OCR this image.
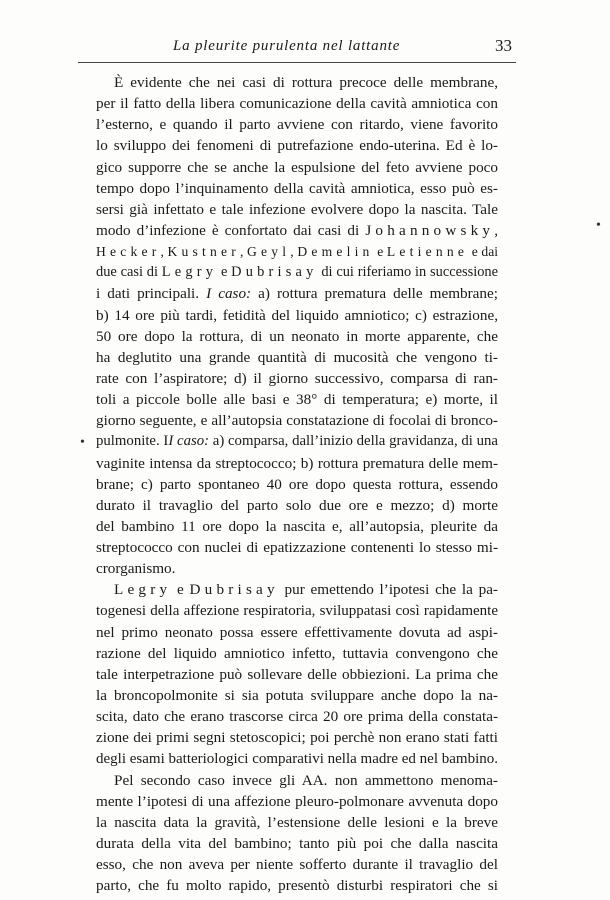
La pleurite purulenta nel lattante	33
•
•
È evidente che nei casi di rottura precoce delle membrane,
per il fatto della libera comunicazione della cavità amniotica con
l’esterno, e quando il parto avviene con ritardo, viene favorito
lo sviluppo dei fenomeni di putrefazione endo-uterina. Ed è lo-
gico supporre che se anche la espulsione del feto avviene poco
tempo dopo l’inquinamento della cavità amniotica, esso può es-
sersi già infettato e tale infezione evolvere dopo la nascita. Tale
modo d’infezione è confortato dai casi di Johannowsky,
Hecker, Kustner, Geyl, Demelin e Letienne e dai
due casi di Legry e Dubrisay di cui riferiamo in successione
i dati principali. I caso: a) rottura prematura delle membrane;
b) 14 ore più tardi, fetidità del liquido amniotico; c) estrazione,
50 ore dopo la rottura, di un neonato in morte apparente, che
ha deglutito una grande quantità di mucosità che vengono ti-
rate con l’aspiratore; d) il giorno successivo, comparsa di ran-
toli a piccole bolle alle basi e 38° di temperatura; e) morte, il
giorno seguente, e all’autopsia constatazione di focolai di bronco-
pulmonite. II caso: a) comparsa, dall’inizio della gravidanza, di una
vaginite intensa da streptococco; b) rottura prematura delle mem-
brane; c) parto spontaneo 40 ore dopo questa rottura, essendo
durato il travaglio del parto solo due ore e mezzo; d) morte
del bambino 11 ore dopo la nascita e, all’autopsia, pleurite da
streptococco con nuclei di epatizzazione contenenti lo stesso mi-
crorganismo.
Legry e Dubrisay pur emettendo l’ipotesi che la pa-
togenesi della affezione respiratoria, sviluppatasi così rapidamente
nel primo neonato possa essere effettivamente dovuta ad aspi-
razione del liquido amniotico infetto, tuttavia convengono che
tale interpetrazione può sollevare delle obbiezioni. La prima che
la broncopolmonite si sia potuta sviluppare anche dopo la na-
scita, dato che erano trascorse circa 20 ore prima della constata-
zione dei primi segni stetoscopici; poi perchè non erano stati fatti
degli esami batteriologici comparativi nella madre ed nel bambino.
Pel secondo caso invece gli AA. non ammettono menoma-
mente l’ipotesi di una affezione pleuro-polmonare avvenuta dopo
la nascita data la gravità, l’estensione delle lesioni e la breve
durata della vita del bambino; tanto più poi che dalla nascita
esso, che non aveva per niente sofferto durante il travaglio del
parto, che fu molto rapido, presentò disturbi respiratori che si
